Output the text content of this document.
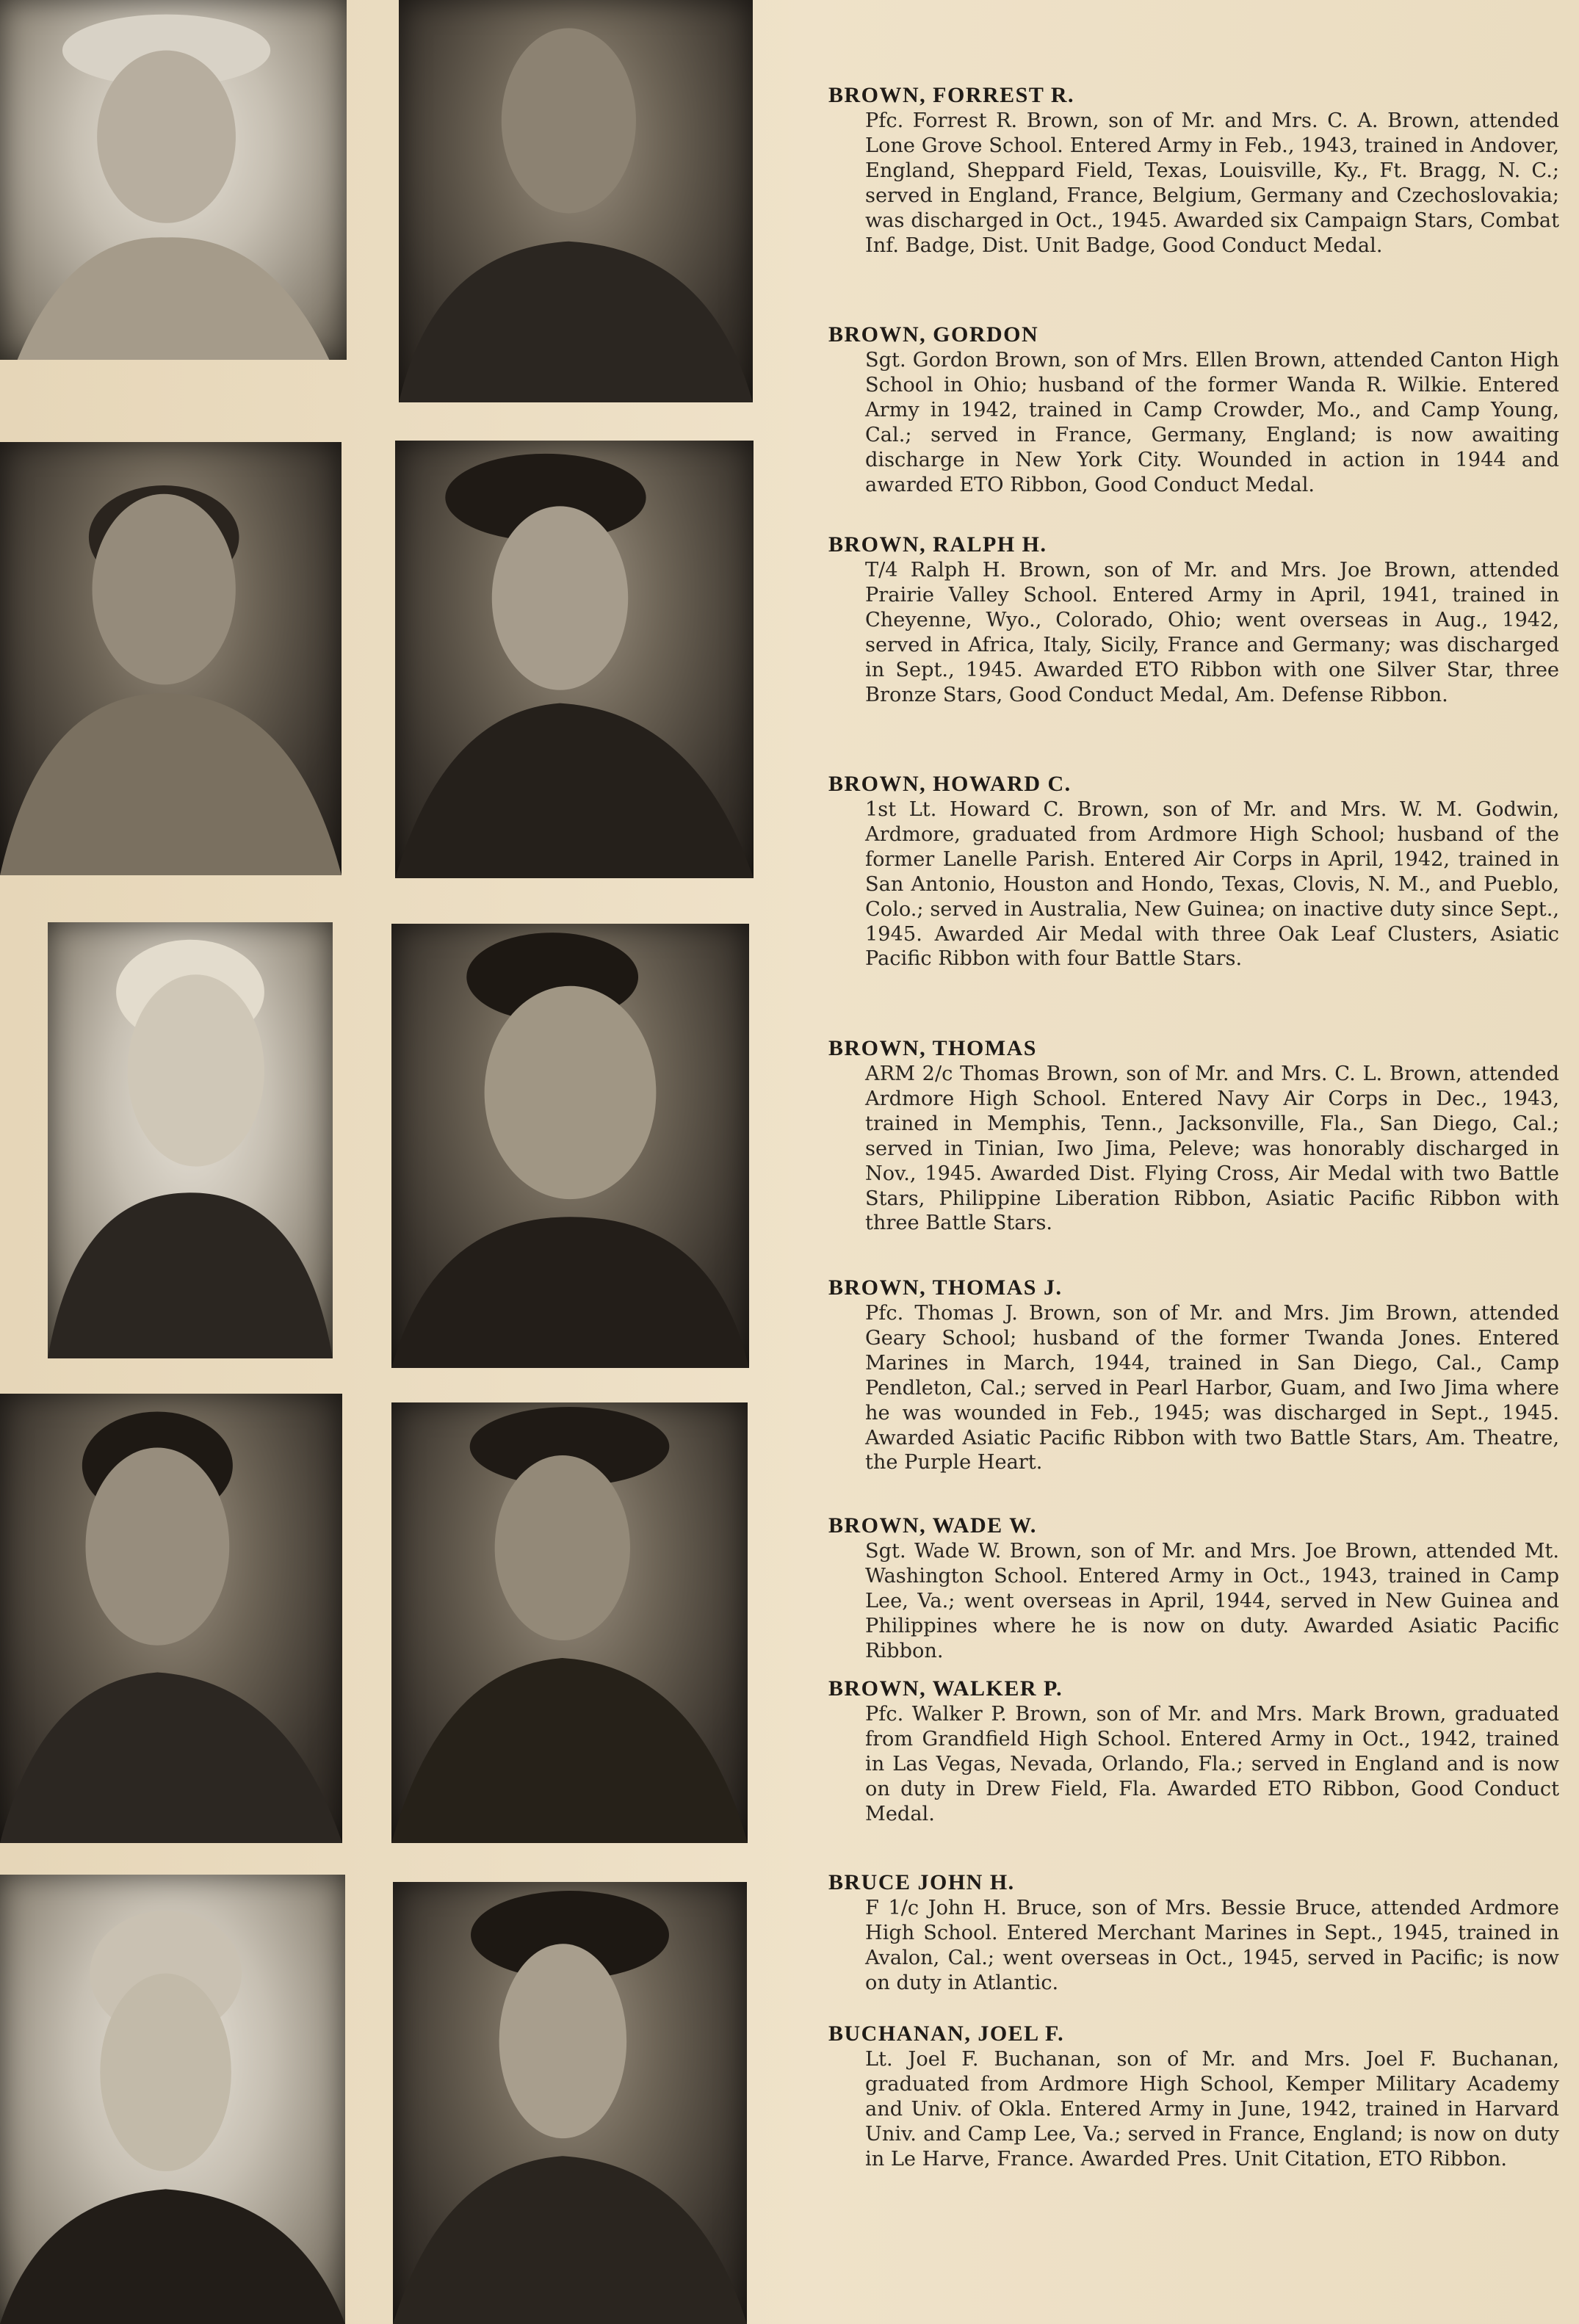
BROWN, FORREST R.

Pfc. Forrest R. Brown, son of Mr. and Mrs. C. A. Brown, attended Lone Grove School. Entered Army in Feb., 1943, trained in Andover, England, Sheppard Field, Texas, Louisville, Ky., Ft. Bragg, N. C.; served in England, France, Belgium, Germany and Czechoslovakia; was discharged in Oct., 1945. Awarded six Campaign Stars, Combat Inf. Badge, Dist. Unit Badge, Good Conduct Medal.

BROWN, GORDON

Sgt. Gordon Brown, son of Mrs. Ellen Brown, attended Canton High School in Ohio; husband of the former Wanda R. Wilkie. Entered Army in 1942, trained in Camp Crowder, Mo., and Camp Young, Cal.; served in France, Germany, England; is now awaiting discharge in New York City. Wounded in action in 1944 and awarded ETO Ribbon, Good Conduct Medal.

BROWN, RALPH H.

T/4 Ralph H. Brown, son of Mr. and Mrs. Joe Brown, attended Prairie Valley School. Entered Army in April, 1941, trained in Cheyenne, Wyo., Colorado, Ohio; went overseas in Aug., 1942, served in Africa, Italy, Sicily, France and Germany; was discharged in Sept., 1945. Awarded ETO Ribbon with one Silver Star, three Bronze Stars, Good Conduct Medal, Am. Defense Ribbon.

BROWN, HOWARD C.

1st Lt. Howard C. Brown, son of Mr. and Mrs. W. M. Godwin, Ardmore, graduated from Ardmore High School; husband of the former Lanelle Parish. Entered Air Corps in April, 1942, trained in San Antonio, Houston and Hondo, Texas, Clovis, N. M., and Pueblo, Colo.; served in Australia, New Guinea; on inactive duty since Sept., 1945. Awarded Air Medal with three Oak Leaf Clusters, Asiatic Pacific Ribbon with four Battle Stars.

BROWN, THOMAS

ARM 2/c Thomas Brown, son of Mr. and Mrs. C. L. Brown, attended Ardmore High School. Entered Navy Air Corps in Dec., 1943, trained in Memphis, Tenn., Jacksonville, Fla., San Diego, Cal.; served in Tinian, Iwo Jima, Peleve; was honorably discharged in Nov., 1945. Awarded Dist. Flying Cross, Air Medal with two Battle Stars, Philippine Liberation Ribbon, Asiatic Pacific Ribbon with three Battle Stars.

BROWN, THOMAS J.

Pfc. Thomas J. Brown, son of Mr. and Mrs. Jim Brown, attended Geary School; husband of the former Twanda Jones. Entered Marines in March, 1944, trained in San Diego, Cal., Camp Pendleton, Cal.; served in Pearl Harbor, Guam, and Iwo Jima where he was wounded in Feb., 1945; was discharged in Sept., 1945. Awarded Asiatic Pacific Ribbon with two Battle Stars, Am. Theatre, the Purple Heart.

BROWN, WADE W.

Sgt. Wade W. Brown, son of Mr. and Mrs. Joe Brown, attended Mt. Washington School. Entered Army in Oct., 1943, trained in Camp Lee, Va.; went overseas in April, 1944, served in New Guinea and Philippines where he is now on duty. Awarded Asiatic Pacific Ribbon.

BROWN, WALKER P.

Pfc. Walker P. Brown, son of Mr. and Mrs. Mark Brown, graduated from Grandfield High School. Entered Army in Oct., 1942, trained in Las Vegas, Nevada, Orlando, Fla.; served in England and is now on duty in Drew Field, Fla. Awarded ETO Ribbon, Good Conduct Medal.

BRUCE JOHN H.

F 1/c John H. Bruce, son of Mrs. Bessie Bruce, attended Ardmore High School. Entered Merchant Marines in Sept., 1945, trained in Avalon, Cal.; went overseas in Oct., 1945, served in Pacific; is now on duty in Atlantic.

BUCHANAN, JOEL F.

Lt. Joel F. Buchanan, son of Mr. and Mrs. Joel F. Buchanan, graduated from Ardmore High School, Kemper Military Academy and Univ. of Okla. Entered Army in June, 1942, trained in Harvard Univ. and Camp Lee, Va.; served in France, England; is now on duty in Le Harve, France. Awarded Pres. Unit Citation, ETO Ribbon.
